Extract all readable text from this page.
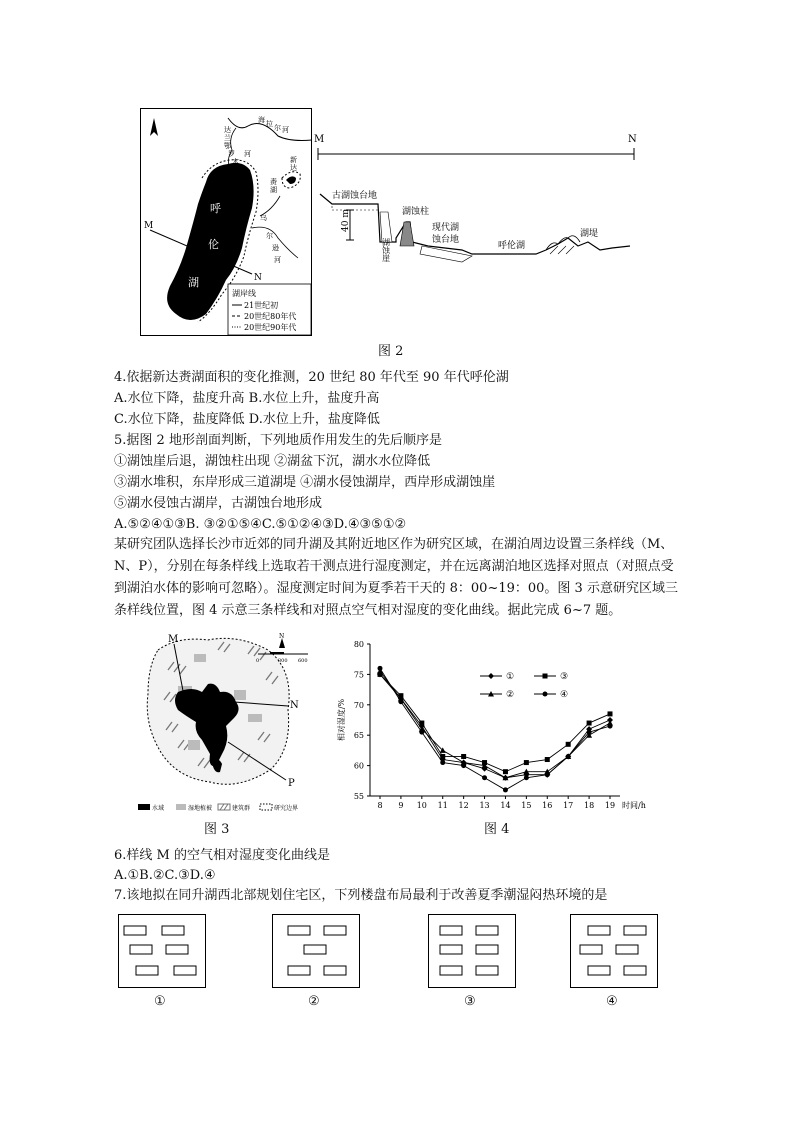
M
N
呼
伦
湖
海 拉 尔 河
达
兰
鄂
罗
木
河
乌
尔
逊
河
新
达
赉
湖
湖岸线
21世纪初
20世纪80年代
20世纪90年代
M	N
40 m
古湖蚀台地
湖蚀崖
湖蚀柱
现代湖
蚀台地
呼伦湖
湖堤
图 2
4.依据新达赉湖面积的变化推测，20 世纪 80 年代至 90 年代呼伦湖
A.水位下降，盐度升高 B.水位上升，盐度升高
C.水位下降，盐度降低 D.水位上升，盐度降低
5.据图 2 地形剖面判断，下列地质作用发生的先后顺序是
①湖蚀崖后退，湖蚀柱出现 ②湖盆下沉，湖水水位降低
③湖水堆积，东岸形成三道湖堤 ④湖水侵蚀湖岸，西岸形成湖蚀崖
⑤湖水侵蚀古湖岸，古湖蚀台地形成
A.⑤②④①③B. ③②①⑤④C.⑤①②④③D.④③⑤①②
某研究团队选择长沙市近郊的同升湖及其附近地区作为研究区域，在湖泊周边设置三条样线（M、N、P），分别在每条样线上选取若干测点进行湿度测定，并在远离湖泊地区选择对照点（对照点受到湖泊水体的影响可忽略）。湿度测定时间为夏季若干天的 8：00~19：00。图 3 示意研究区域三条样线位置，图 4 示意三条样线和对照点空气相对湿度的变化曲线。据此完成 6~7 题。
M
N
P
N
0	300 600
水域	湿地植被	建筑群	研究边界
图 3
55
60
65
70
75
80
8 9 10 11 12 13 14 15 16 17 18 19 时间/h
相对湿度/%
①	③
②	④
图 4
6.样线 M 的空气相对湿度变化曲线是
A.①B.②C.③D.④
7.该地拟在同升湖西北部规划住宅区，下列楼盘布局最利于改善夏季潮湿闷热环境的是
①	②	③	④
